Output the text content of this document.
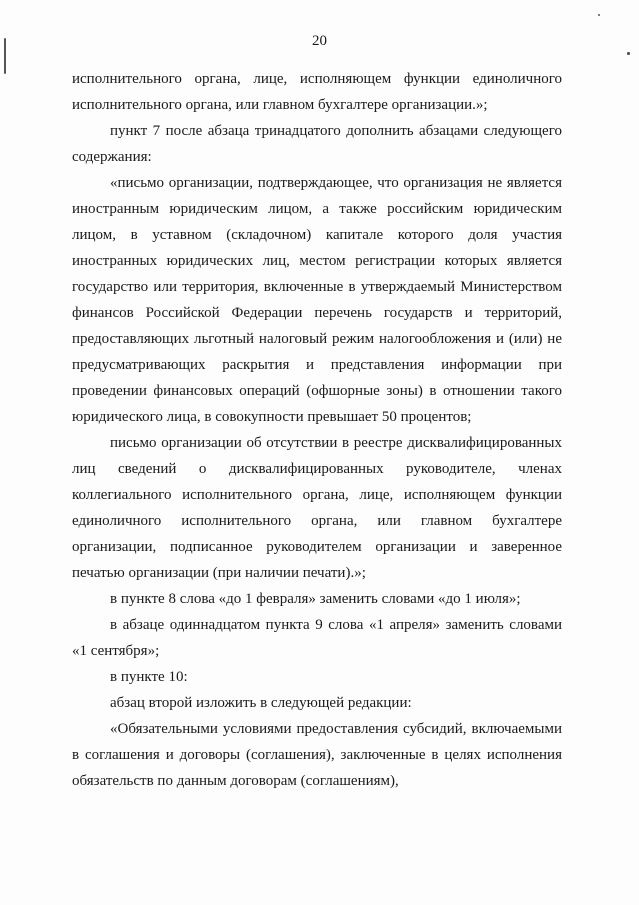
20

исполнительного органа, лице, исполняющем функции единоличного исполнительного органа, или главном бухгалтере организации.»;

пункт 7 после абзаца тринадцатого дополнить абзацами следующего содержания:

«письмо организации, подтверждающее, что организация не является иностранным юридическим лицом, а также российским юридическим лицом, в уставном (складочном) капитале которого доля участия иностранных юридических лиц, местом регистрации которых является государство или территория, включенные в утверждаемый Министерством финансов Российской Федерации перечень государств и территорий, предоставляющих льготный налоговый режим налогообложения и (или) не предусматривающих раскрытия и представления информации при проведении финансовых операций (офшорные зоны) в отношении такого юридического лица, в совокупности превышает 50 процентов;

письмо организации об отсутствии в реестре дисквалифицированных лиц сведений о дисквалифицированных руководителе, членах коллегиального исполнительного органа, лице, исполняющем функции единоличного исполнительного органа, или главном бухгалтере организации, подписанное руководителем организации и заверенное печатью организации (при наличии печати).»;

в пункте 8 слова «до 1 февраля» заменить словами «до 1 июля»;

в абзаце одиннадцатом пункта 9 слова «1 апреля» заменить словами «1 сентября»;

в пункте 10:

абзац второй изложить в следующей редакции:

«Обязательными условиями предоставления субсидий, включаемыми в соглашения и договоры (соглашения), заключенные в целях исполнения обязательств по данным договорам (соглашениям),
